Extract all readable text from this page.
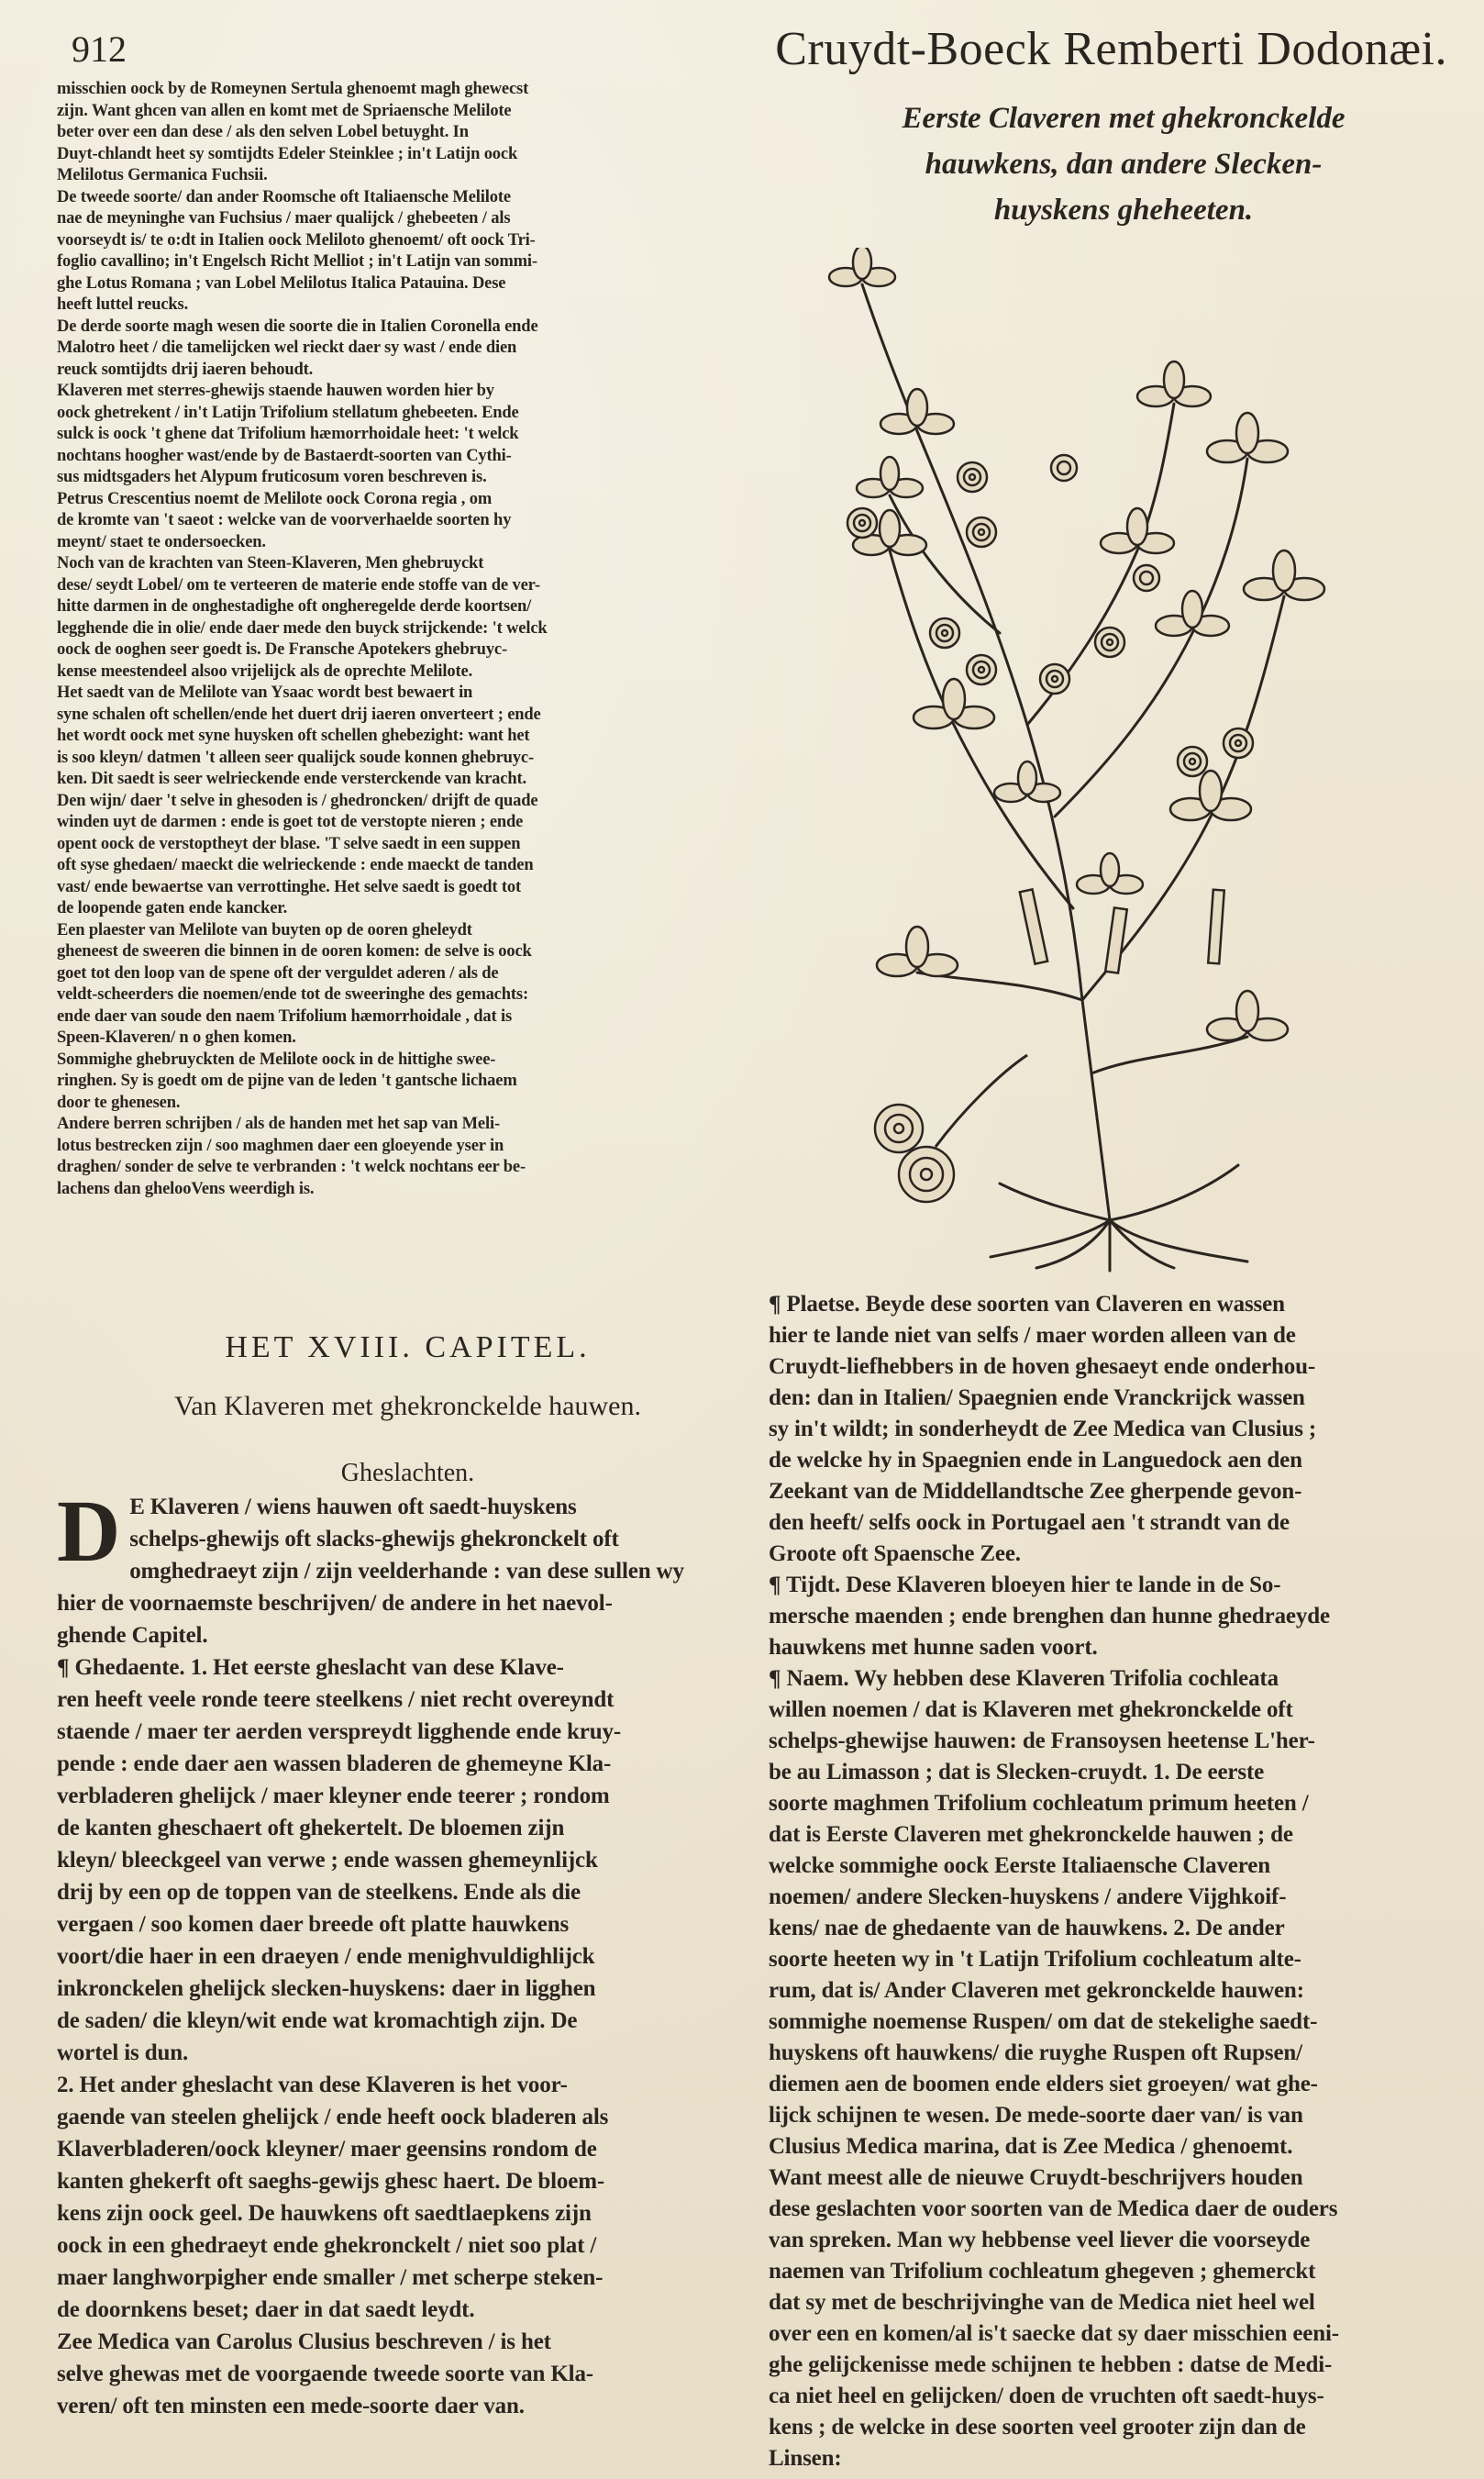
912	Cruydt-Boeck Remberti Dodonæi.
misschien oock by de Romeynen Sertula ghenoemt magh ghewecst
zijn. Want ghcen van allen en komt met de Spriaensche Melilote
beter over een dan dese / als den selven Lobel betuyght. In
Duyt-chlandt heet sy somtijdts Edeler Steinklee ; in't Latijn oock
Melilotus Germanica Fuchsii.
De tweede soorte/ dan ander Roomsche oft Italiaensche Melilote
nae de meyninghe van Fuchsius / maer qualijck / ghebeeten / als
voorseydt is/ te o:dt in Italien oock Meliloto ghenoemt/ oft oock Tri-
foglio cavallino; in't Engelsch Richt Melliot ; in't Latijn van sommi-
ghe Lotus Romana ; van Lobel Melilotus Italica Patauina. Dese
heeft luttel reucks.
De derde soorte magh wesen die soorte die in Italien Coronella ende
Malotro heet / die tamelijcken wel rieckt daer sy wast / ende dien
reuck somtijdts drij iaeren behoudt.
Klaveren met sterres-ghewijs staende hauwen worden hier by
oock ghetrekent / in't Latijn Trifolium stellatum ghebeeten. Ende
sulck is oock 't ghene dat Trifolium hæmorrhoidale heet: 't welck
nochtans hoogher wast/ende by de Bastaerdt-soorten van Cythi-
sus midtsgaders het Alypum fruticosum voren beschreven is.
Petrus Crescentius noemt de Melilote oock Corona regia , om
de kromte van 't saeot : welcke van de voorverhaelde soorten hy
meynt/ staet te ondersoecken.
Noch van de krachten van Steen-Klaveren, Men ghebruyckt
dese/ seydt Lobel/ om te verteeren de materie ende stoffe van de ver-
hitte darmen in de onghestadighe oft ongheregelde derde koortsen/
legghende die in olie/ ende daer mede den buyck strijckende: 't welck
oock de ooghen seer goedt is. De Fransche Apotekers ghebruyc-
kense meestendeel alsoo vrijelijck als de oprechte Melilote.
Het saedt van de Melilote van Ysaac wordt best bewaert in
syne schalen oft schellen/ende het duert drij iaeren onverteert ; ende
het wordt oock met syne huysken oft schellen ghebezight: want het
is soo kleyn/ datmen 't alleen seer qualijck soude konnen ghebruyc-
ken. Dit saedt is seer welrieckende ende versterckende van kracht.
Den wijn/ daer 't selve in ghesoden is / ghedroncken/ drijft de quade
winden uyt de darmen : ende is goet tot de verstopte nieren ; ende
opent oock de verstoptheyt der blase. 'T selve saedt in een suppen
oft syse ghedaen/ maeckt die welrieckende : ende maeckt de tanden
vast/ ende bewaertse van verrottinghe. Het selve saedt is goedt tot
de loopende gaten ende kancker.
Een plaester van Melilote van buyten op de ooren gheleydt
gheneest de sweeren die binnen in de ooren komen: de selve is oock
goet tot den loop van de spene oft der verguldet aderen / als de
veldt-scheerders die noemen/ende tot de sweeringhe des gemachts:
ende daer van soude den naem Trifolium hæmorrhoidale , dat is
Speen-Klaveren/ n o ghen komen.
Sommighe ghebruyckten de Melilote oock in de hittighe swee-
ringhen. Sy is goedt om de pijne van de leden 't gantsche lichaem
door te ghenesen.
Andere berren schrijben / als de handen met het sap van Meli-
lotus bestrecken zijn / soo maghmen daer een gloeyende yser in
draghen/ sonder de selve te verbranden : 't welck nochtans eer be-
lachens dan ghelooVens weerdigh is.
Eerste Claveren met ghekronckelde
hauwkens, dan andere Slecken-
huyskens gheheeten.
HET XVIII. CAPITEL.
Van Klaveren met ghekronckelde hauwen.
Gheslachten.
D E Klaveren / wiens hauwen oft saedt-huyskens
schelps-ghewijs oft slacks-ghewijs ghekronckelt oft
omghedraeyt zijn / zijn veelderhande : van dese sullen wy
hier de voornaemste beschrijven/ de andere in het naevol-
ghende Capitel.
¶ Ghedaente. 1. Het eerste gheslacht van dese Klave-
ren heeft veele ronde teere steelkens / niet recht overeyndt
staende / maer ter aerden verspreydt ligghende ende kruy-
pende : ende daer aen wassen bladeren de ghemeyne Kla-
verbladeren ghelijck / maer kleyner ende teerer ; rondom
de kanten gheschaert oft ghekertelt. De bloemen zijn
kleyn/ bleeckgeel van verwe ; ende wassen ghemeynlijck
drij by een op de toppen van de steelkens. Ende als die
vergaen / soo komen daer breede oft platte hauwkens
voort/die haer in een draeyen / ende menighvuldighlijck
inkronckelen ghelijck slecken-huyskens: daer in ligghen
de saden/ die kleyn/wit ende wat kromachtigh zijn. De
wortel is dun.
2. Het ander gheslacht van dese Klaveren is het voor-
gaende van steelen ghelijck / ende heeft oock bladeren als
Klaverbladeren/oock kleyner/ maer geensins rondom de
kanten ghekerft oft saeghs-gewijs ghesc haert. De bloem-
kens zijn oock geel. De hauwkens oft saedtlaepkens zijn
oock in een ghedraeyt ende ghekronckelt / niet soo plat /
maer langhworpigher ende smaller / met scherpe steken-
de doornkens beset; daer in dat saedt leydt.
Zee Medica van Carolus Clusius beschreven / is het
selve ghewas met de voorgaende tweede soorte van Kla-
veren/ oft ten minsten een mede-soorte daer van.
¶ Plaetse. Beyde dese soorten van Claveren en wassen
hier te lande niet van selfs / maer worden alleen van de
Cruydt-liefhebbers in de hoven ghesaeyt ende onderhou-
den: dan in Italien/ Spaegnien ende Vranckrijck wassen
sy in't wildt; in sonderheydt de Zee Medica van Clusius ;
de welcke hy in Spaegnien ende in Languedock aen den
Zeekant van de Middellandtsche Zee gherpende gevon-
den heeft/ selfs oock in Portugael aen 't strandt van de
Groote oft Spaensche Zee.
¶ Tijdt. Dese Klaveren bloeyen hier te lande in de So-
mersche maenden ; ende brenghen dan hunne ghedraeyde
hauwkens met hunne saden voort.
¶ Naem. Wy hebben dese Klaveren Trifolia cochleata
willen noemen / dat is Klaveren met ghekronckelde oft
schelps-ghewijse hauwen: de Fransoysen heetense L'her-
be au Limasson ; dat is Slecken-cruydt. 1. De eerste
soorte maghmen Trifolium cochleatum primum heeten /
dat is Eerste Claveren met ghekronckelde hauwen ; de
welcke sommighe oock Eerste Italiaensche Claveren
noemen/ andere Slecken-huyskens / andere Vijghkoif-
kens/ nae de ghedaente van de hauwkens. 2. De ander
soorte heeten wy in 't Latijn Trifolium cochleatum alte-
rum, dat is/ Ander Claveren met gekronckelde hauwen:
sommighe noemense Ruspen/ om dat de stekelighe saedt-
huyskens oft hauwkens/ die ruyghe Ruspen oft Rupsen/
diemen aen de boomen ende elders siet groeyen/ wat ghe-
lijck schijnen te wesen. De mede-soorte daer van/ is van
Clusius Medica marina, dat is Zee Medica / ghenoemt.
Want meest alle de nieuwe Cruydt-beschrijvers houden
dese geslachten voor soorten van de Medica daer de ouders
van spreken. Man wy hebbense veel liever die voorseyde
naemen van Trifolium cochleatum ghegeven ; ghemerckt
dat sy met de beschrijvinghe van de Medica niet heel wel
over een en komen/al is't saecke dat sy daer misschien eeni-
ghe gelijckenisse mede schijnen te hebben : datse de Medi-
ca niet heel en gelijcken/ doen de vruchten oft saedt-huys-
kens ; de welcke in dese soorten veel grooter zijn dan de
Linsen:
